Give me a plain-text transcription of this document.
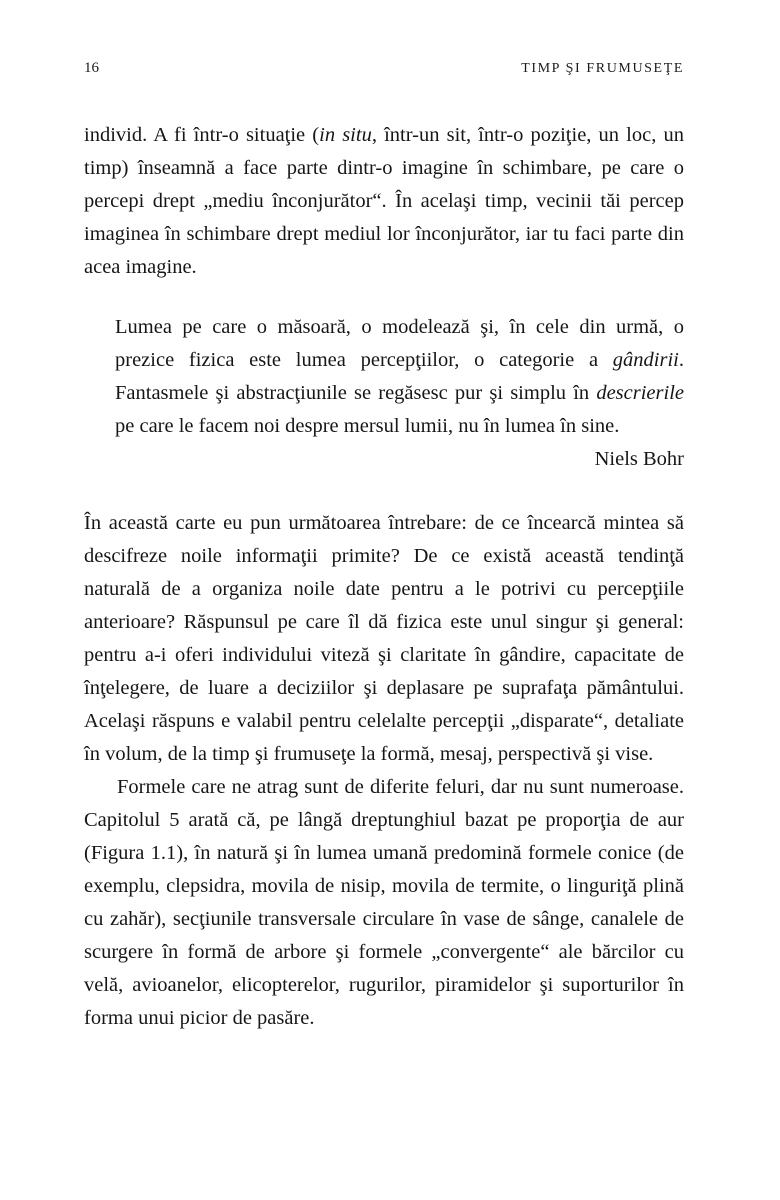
16	TIMP ŞI FRUMUSEŢE

individ. A fi într-o situaţie (in situ, într-un sit, într-o poziţie, un loc, un timp) înseamnă a face parte dintr-o imagine în schimbare, pe care o percepi drept „mediu înconjurător“. În acelaşi timp, vecinii tăi percep imaginea în schimbare drept mediul lor înconjurător, iar tu faci parte din acea imagine.

Lumea pe care o măsoară, o modelează şi, în cele din urmă, o prezice fizica este lumea percepţiilor, o categorie a gândirii. Fantasmele şi abstracţiunile se regăsesc pur şi simplu în descrierile pe care le facem noi despre mersul lumii, nu în lumea în sine.

Niels Bohr

În această carte eu pun următoarea întrebare: de ce încearcă mintea să descifreze noile informaţii primite? De ce există această tendinţă naturală de a organiza noile date pentru a le potrivi cu percepţiile anterioare? Răspunsul pe care îl dă fizica este unul singur şi general: pentru a-i oferi individului viteză şi claritate în gândire, capacitate de înţelegere, de luare a deciziilor şi deplasare pe suprafaţa pământului. Acelaşi răspuns e valabil pentru celelalte percepţii „disparate“, detaliate în volum, de la timp şi frumuseţe la formă, mesaj, perspectivă şi vise.

Formele care ne atrag sunt de diferite feluri, dar nu sunt numeroase. Capitolul 5 arată că, pe lângă dreptunghiul bazat pe proporţia de aur (Figura 1.1), în natură şi în lumea umană predomină formele conice (de exemplu, clepsidra, movila de nisip, movila de termite, o linguriţă plină cu zahăr), secţiunile transversale circulare în vase de sânge, canalele de scurgere în formă de arbore şi formele „convergente“ ale bărcilor cu velă, avioanelor, elicopterelor, rugurilor, piramidelor şi suporturilor în forma unui picior de pasăre.
